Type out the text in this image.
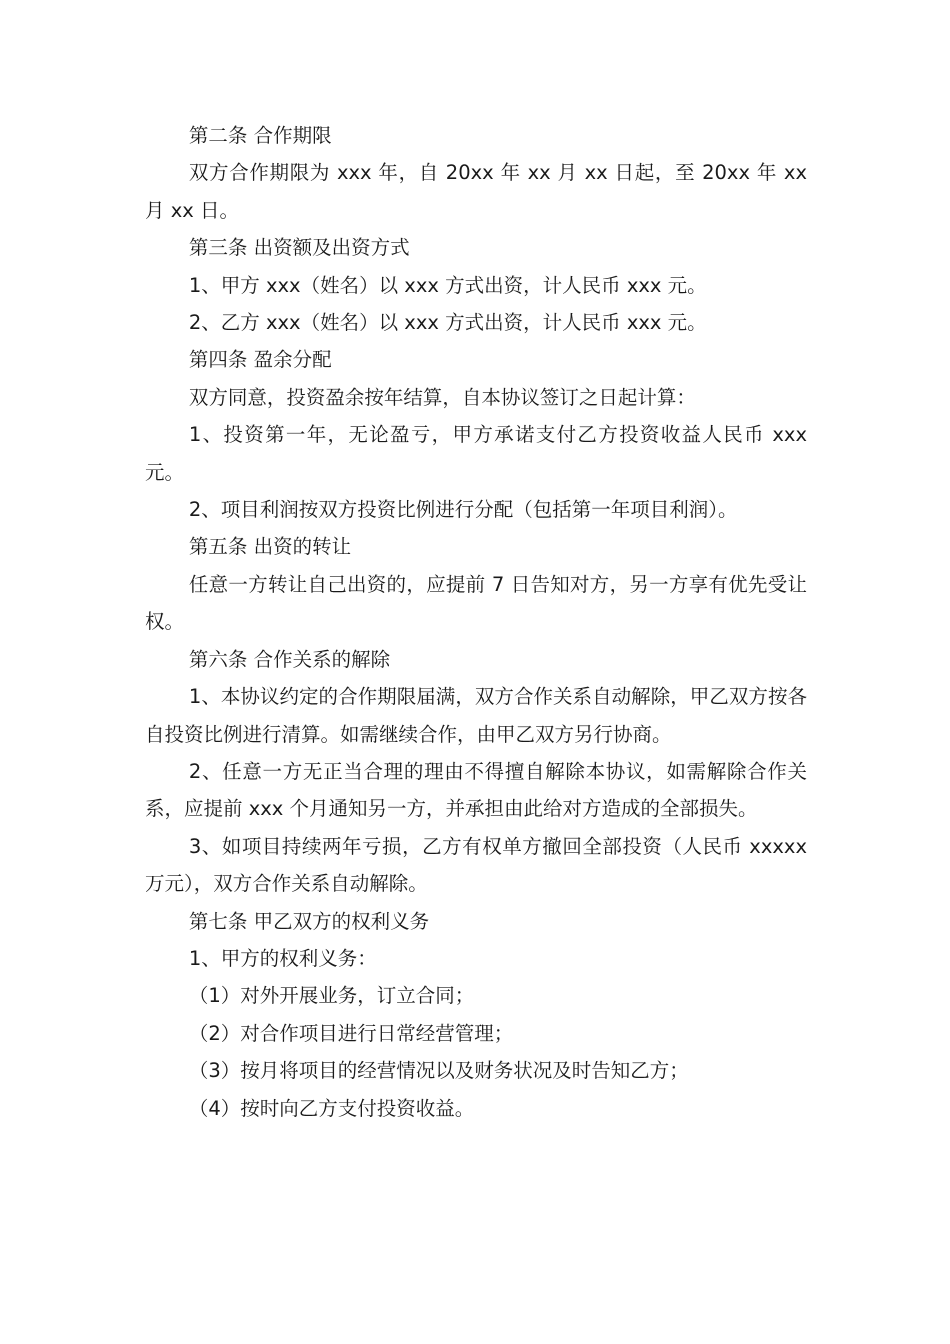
第二条 合作期限

双方合作期限为 xxx 年，自 20xx 年 xx 月 xx 日起，至 20xx 年 xx 月 xx 日。

第三条 出资额及出资方式

1、甲方 xxx（姓名）以 xxx 方式出资，计人民币 xxx 元。

2、乙方 xxx（姓名）以 xxx 方式出资，计人民币 xxx 元。

第四条 盈余分配

双方同意，投资盈余按年结算，自本协议签订之日起计算：

1、投资第一年，无论盈亏，甲方承诺支付乙方投资收益人民币 xxx 元。

2、项目利润按双方投资比例进行分配（包括第一年项目利润）。

第五条 出资的转让

任意一方转让自己出资的，应提前 7 日告知对方，另一方享有优先受让权。

第六条 合作关系的解除

1、本协议约定的合作期限届满，双方合作关系自动解除，甲乙双方按各自投资比例进行清算。如需继续合作，由甲乙双方另行协商。

2、任意一方无正当合理的理由不得擅自解除本协议，如需解除合作关系，应提前 xxx 个月通知另一方，并承担由此给对方造成的全部损失。

3、如项目持续两年亏损，乙方有权单方撤回全部投资（人民币 xxxxx 万元），双方合作关系自动解除。

第七条 甲乙双方的权利义务

1、甲方的权利义务：

（1）对外开展业务，订立合同；

（2）对合作项目进行日常经营管理；

（3）按月将项目的经营情况以及财务状况及时告知乙方；

（4）按时向乙方支付投资收益。
